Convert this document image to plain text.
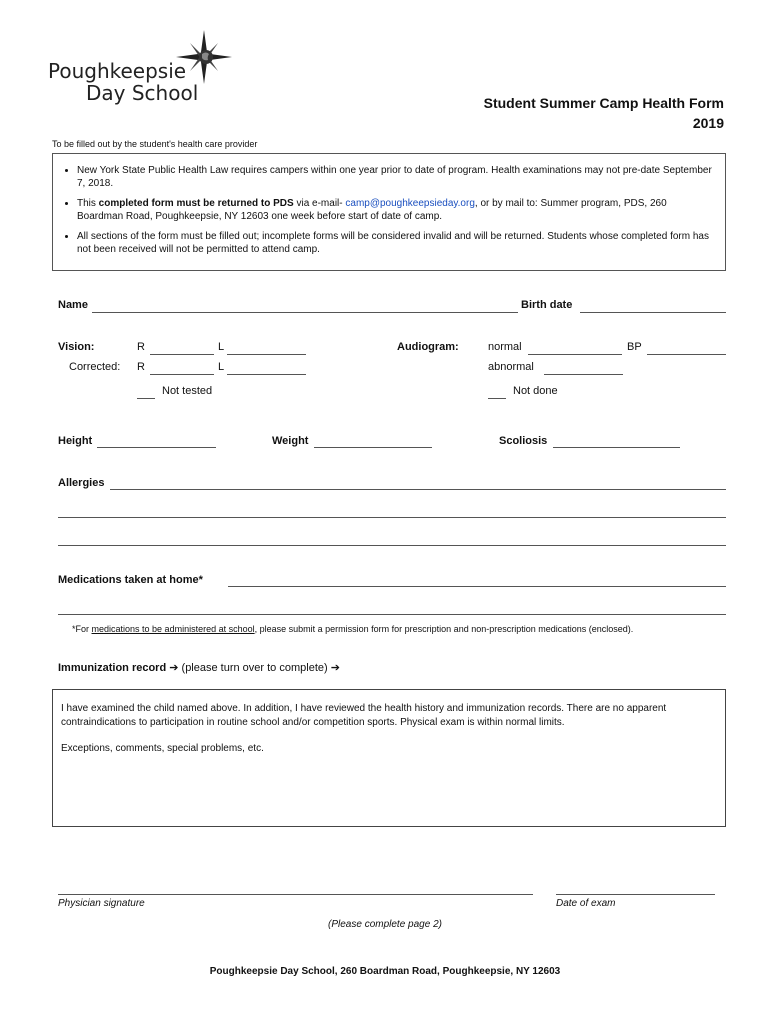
Poughkeepsie
Day School	Student Summer Camp Health Form
2019
To be filled out by the student's health care provider
• New York State Public Health Law requires campers within one year prior to date of program. Health examinations may not pre-date September 7, 2018.
• This completed form must be returned to PDS via e-mail- camp@poughkeepsieday.org, or by mail to: Summer program, PDS, 260 Boardman Road, Poughkeepsie, NY 12603 one week before start of date of camp.
• All sections of the form must be filled out; incomplete forms will be considered invalid and will be returned. Students whose completed form has not been received will not be permitted to attend camp.
Name	Birth date
Vision:	R	L
Corrected: R	L
Not tested
Audiogram:	normal	BP
abnormal
Not done
Height	Weight	Scoliosis
Allergies
Medications taken at home*
*For medications to be administered at school, please submit a permission form for prescription and non-prescription medications (enclosed).
Immunization record ➔ (please turn over to complete) ➔
I have examined the child named above. In addition, I have reviewed the health history and immunization records. There are no apparent contraindications to participation in routine school and/or competition sports. Physical exam is within normal limits.
Exceptions, comments, special problems, etc.
Physician signature	Date of exam
(Please complete page 2)
Poughkeepsie Day School, 260 Boardman Road, Poughkeepsie, NY 12603
